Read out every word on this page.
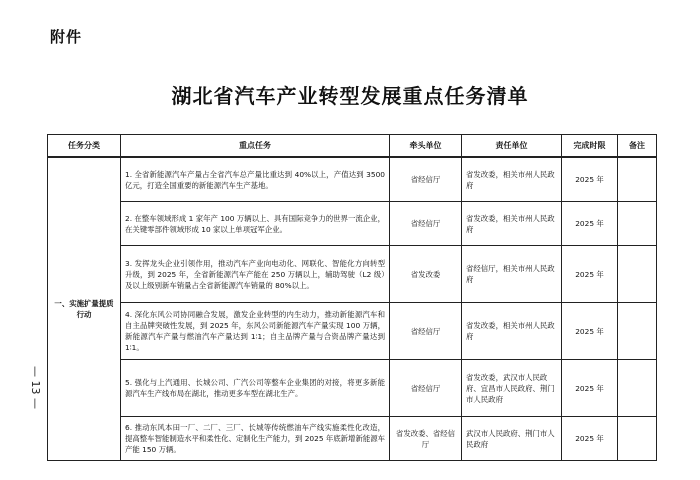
附件
湖北省汽车产业转型发展重点任务清单
— 13 —
任务分类	重点任务	牵头单位	责任单位	完成时限	备注
一、实施扩量提质行动	1. 全省新能源汽车产量占全省汽车总产量比重达到 40%以上，产值达到 3500 亿元，打造全国重要的新能源汽车生产基地。	省经信厅	省发改委，相关市州人民政府	2025 年	
	2. 在整车领域形成 1 家年产 100 万辆以上、具有国际竞争力的世界一流企业，在关键零部件领域形成 10 家以上单项冠军企业。	省经信厅	省发改委，相关市州人民政府	2025 年	
	3. 发挥龙头企业引领作用，推动汽车产业向电动化、网联化、智能化方向转型升级，到 2025 年，全省新能源汽车产能在 250 万辆以上，辅助驾驶（L2 级）及以上级别新车销量占全省新能源汽车销量的 80%以上。	省发改委	省经信厅，相关市州人民政府	2025 年	
	4. 深化东风公司协同融合发展，激发企业转型的内生动力，推动新能源汽车和自主品牌突破性发展，到 2025 年，东风公司新能源汽车产量实现 100 万辆，新能源汽车产量与燃油汽车产量达到 1∶1；自主品牌产量与合资品牌产量达到 1∶1。	省经信厅	省发改委，相关市州人民政府	2025 年	
	5. 强化与上汽通用、长城公司、广汽公司等整车企业集团的对接，将更多新能源汽车生产线布局在湖北，推动更多车型在湖北生产。	省经信厅	省发改委，武汉市人民政府、宜昌市人民政府、荆门市人民政府	2025 年	
	6. 推动东风本田一厂、二厂、三厂、长城等传统燃油车产线实施柔性化改造，提高整车智能制造水平和柔性化、定制化生产能力，到 2025 年底新增新能源车产能 150 万辆。	省发改委、省经信厅	武汉市人民政府、荆门市人民政府	2025 年	
